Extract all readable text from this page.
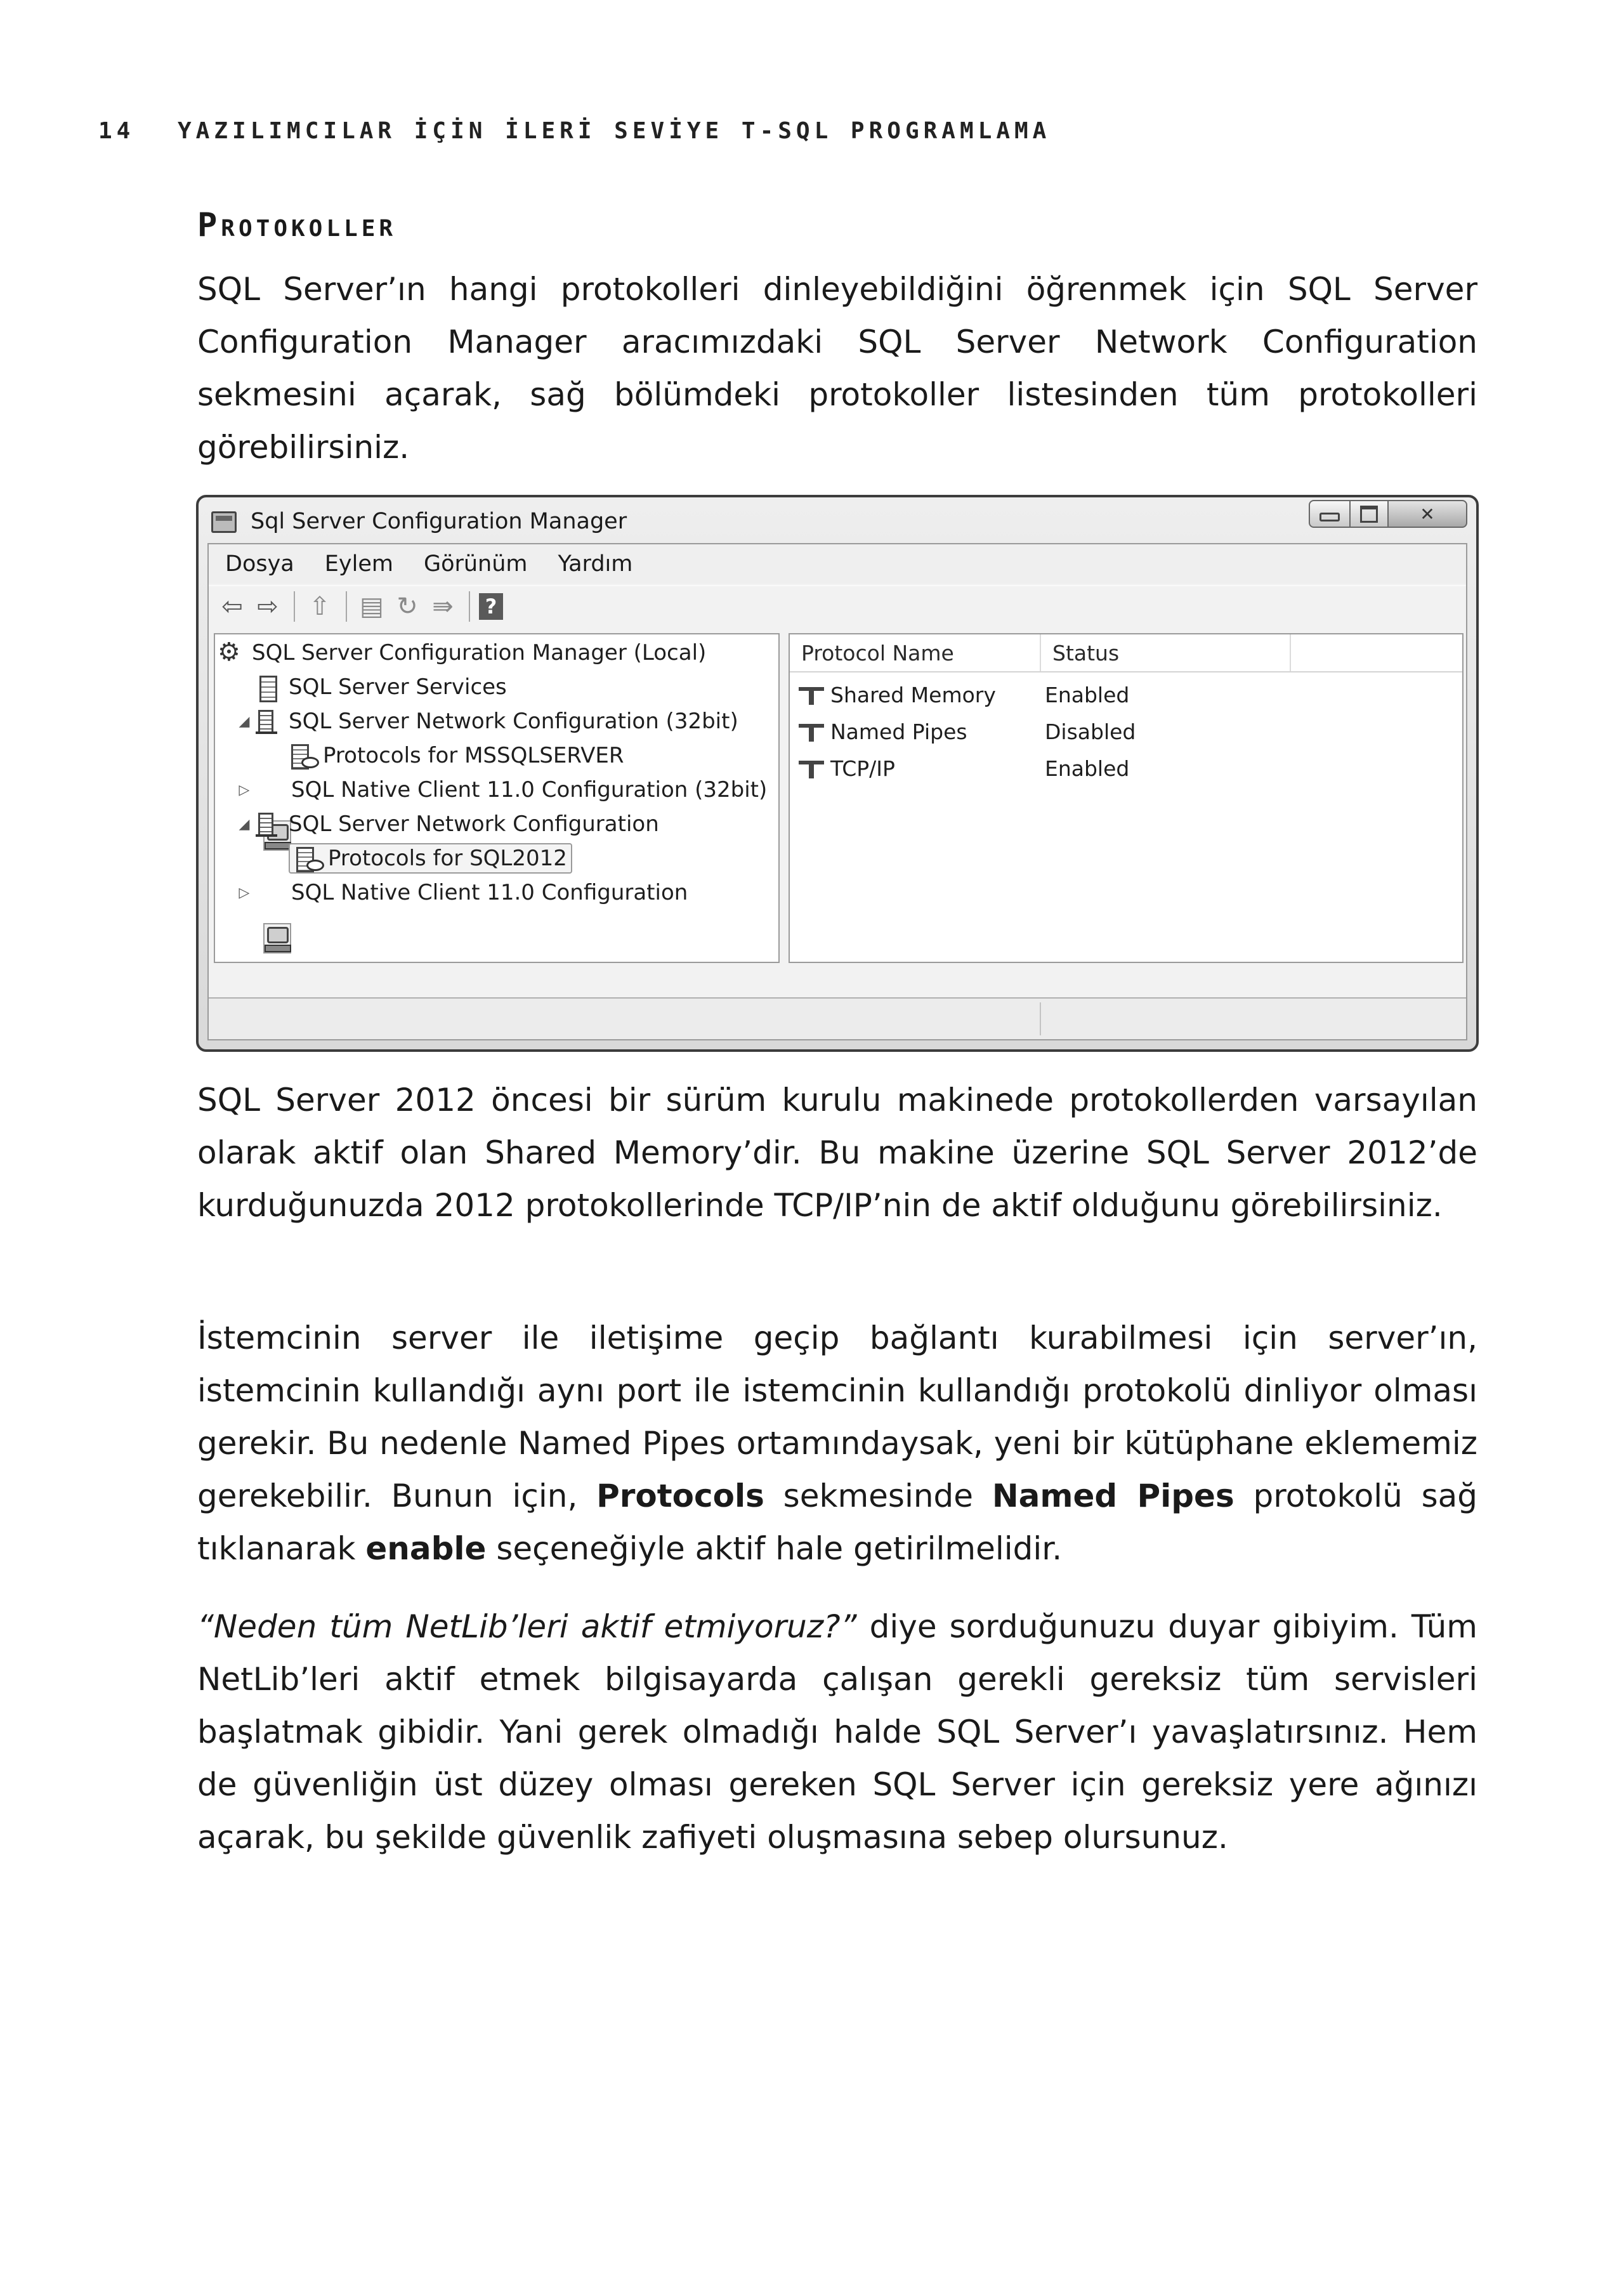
14 YAZILIMCILAR İÇİN İLERİ SEVİYE T-SQL PROGRAMLAMA
Protokoller

SQL Server’ın hangi protokolleri dinleyebildiğini öğrenmek için SQL Server Configuration Manager aracımızdaki SQL Server Network Configuration sekmesini açarak, sağ bölümdeki protokoller listesinden tüm protokolleri görebilirsiniz.

Sql Server Configuration Manager	✕
Dosya Eylem Görünüm Yardım
⇦ ⇨ ⇧ ▤ ↻ ⇛	?
⚙
SQL Server Configuration Manager (Local)
SQL Server Services
◢ SQL Server Network Configuration (32bit)
Protocols for MSSQLSERVER
▷ SQL Native Client 11.0 Configuration (32bit)
◢ SQL Server Network Configuration
Protocols for SQL2012
▷ SQL Native Client 11.0 Configuration
Protocol Name	Status
Shared Memory	Enabled
Named Pipes	Disabled
TCP/IP	Enabled

SQL Server 2012 öncesi bir sürüm kurulu makinede protokollerden varsayılan olarak aktif olan Shared Memory’dir. Bu makine üzerine SQL Server 2012’de kurduğunuzda 2012 protokollerinde TCP/IP’nin de aktif olduğunu görebilirsiniz.

İstemcinin server ile iletişime geçip bağlantı kurabilmesi için server’ın, istemcinin kullandığı aynı port ile istemcinin kullandığı protokolü dinliyor olması gerekir. Bu nedenle Named Pipes ortamındaysak, yeni bir kütüphane eklememiz gerekebilir. Bunun için, Protocols sekmesinde Named Pipes protokolü sağ tıklanarak enable seçeneğiyle aktif hale getirilmelidir.

“Neden tüm NetLib’leri aktif etmiyoruz?” diye sorduğunuzu duyar gibiyim. Tüm NetLib’leri aktif etmek bilgisayarda çalışan gerekli gereksiz tüm servisleri başlatmak gibidir. Yani gerek olmadığı halde SQL Server’ı yavaşlatırsınız. Hem de güvenliğin üst düzey olması gereken SQL Server için gereksiz yere ağınızı açarak, bu şekilde güvenlik zafiyeti oluşmasına sebep olursunuz.
